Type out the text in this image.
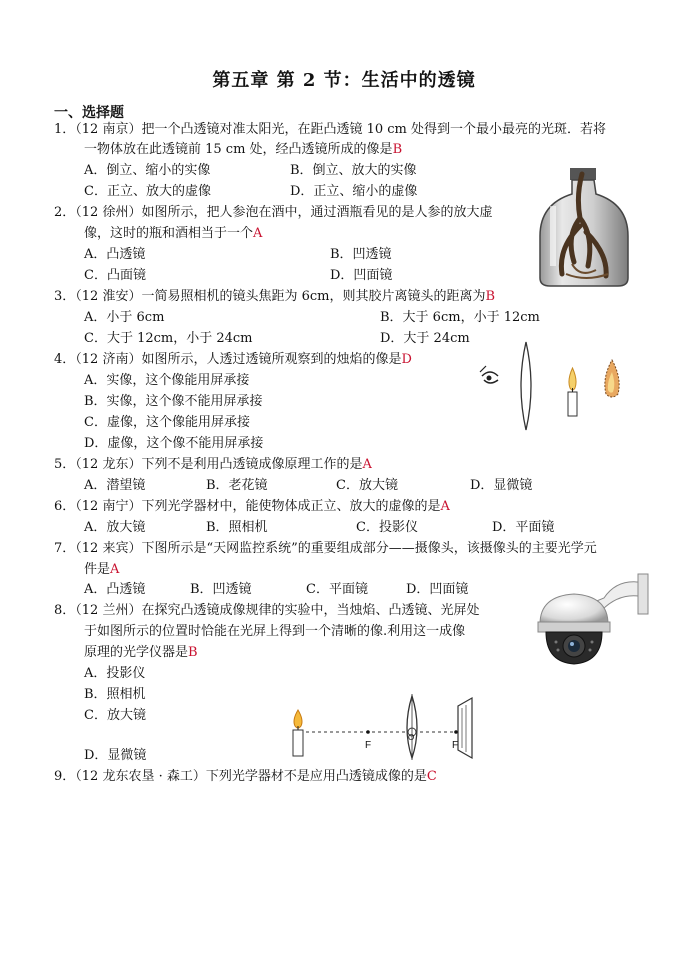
第五章 第 2 节：生活中的透镜
一、选择题
1．（12 南京）把一个凸透镜对准太阳光，在距凸透镜 10 cm 处得到一个最小最亮的光斑．若将
一物体放在此透镜前 15 cm 处，经凸透镜所成的像是B
A．倒立、缩小的实像	B．倒立、放大的实像
C．正立、放大的虚像	D．正立、缩小的虚像
2．（12 徐州）如图所示，把人参泡在酒中，通过酒瓶看见的是人参的放大虚
像，这时的瓶和酒相当于一个A
A．凸透镜	B．凹透镜
C．凸面镜	D．凹面镜
3．（12 淮安）一简易照相机的镜头焦距为 6cm，则其胶片离镜头的距离为B
A．小于 6cm	B．大于 6cm，小于 12cm
C．大于 12cm，小于 24cm	D．大于 24cm
4．（12 济南）如图所示，人透过透镜所观察到的烛焰的像是D
A．实像，这个像能用屏承接
B．实像，这个像不能用屏承接
C．虚像，这个像能用屏承接
D．虚像，这个像不能用屏承接
5．（12 龙东）下列不是利用凸透镜成像原理工作的是A
A．潜望镜	B．老花镜	C．放大镜	D．显微镜
6．（12 南宁）下列光学器材中，能使物体成正立、放大的虚像的是A
A．放大镜	B．照相机	C．投影仪	D．平面镜
7．（12 来宾）下图所示是“天网监控系统”的重要组成部分——摄像头，该摄像头的主要光学元
件是A
A．凸透镜	B．凹透镜	C．平面镜	D．凹面镜
8．（12 兰州）在探究凸透镜成像规律的实验中，当烛焰、凸透镜、光屏处
于如图所示的位置时恰能在光屏上得到一个清晰的像.利用这一成像
原理的光学仪器是B
A．投影仪
B．照相机
C．放大镜
D．显微镜
F
O
F
9．（12 龙东农垦 · 森工）下列光学器材不是应用凸透镜成像的是C
